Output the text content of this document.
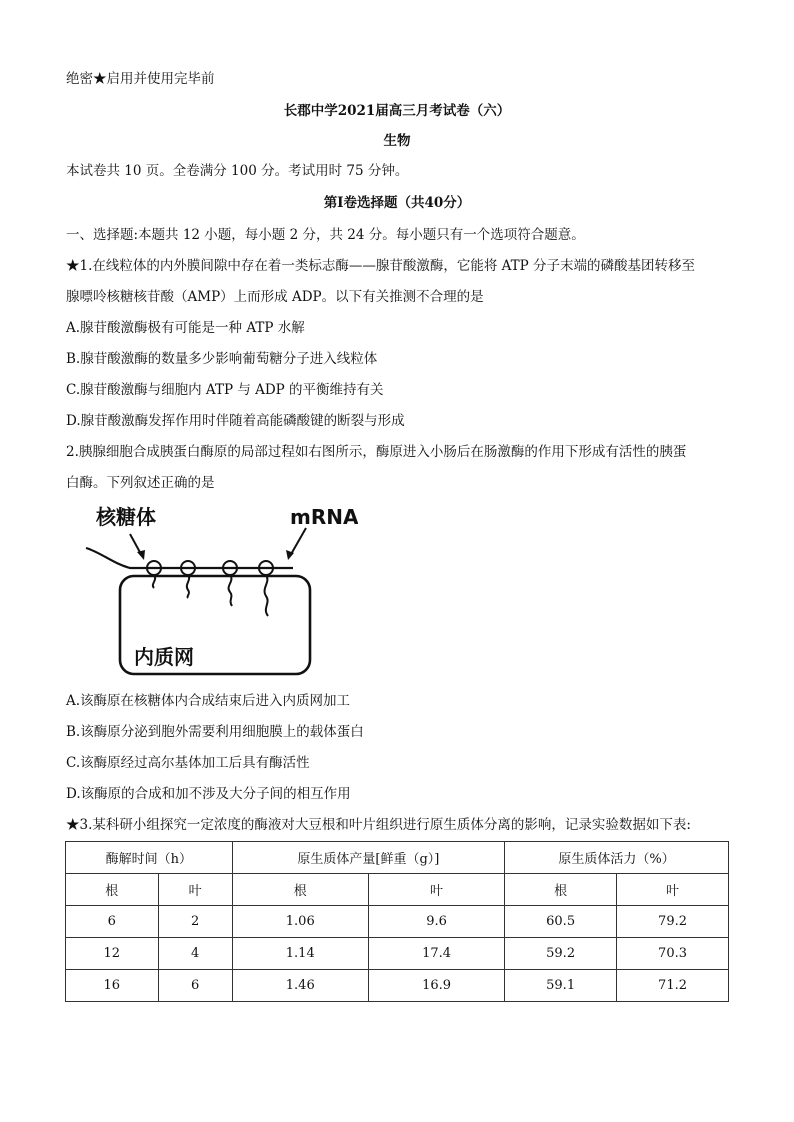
绝密★启用并使用完毕前
长郡中学2021届高三月考试卷（六）
生物
本试卷共 10 页。全卷满分 100 分。考试用时 75 分钟。
第Ⅰ卷选择题（共40分）
一、选择题:本题共 12 小题，每小题 2 分，共 24 分。每小题只有一个选项符合题意。
★1.在线粒体的内外膜间隙中存在着一类标志酶——腺苷酸激酶，它能将 ATP 分子末端的磷酸基团转移至
腺嘌呤核糖核苷酸（AMP）上而形成 ADP。以下有关推测不合理的是
A.腺苷酸激酶极有可能是一种 ATP 水解
B.腺苷酸激酶的数量多少影响葡萄糖分子进入线粒体
C.腺苷酸激酶与细胞内 ATP 与 ADP 的平衡维持有关
D.腺苷酸激酶发挥作用时伴随着高能磷酸键的断裂与形成
2.胰腺细胞合成胰蛋白酶原的局部过程如右图所示，酶原进入小肠后在肠激酶的作用下形成有活性的胰蛋
白酶。下列叙述正确的是
核糖体	mRNA
内质网
A.该酶原在核糖体内合成结束后进入内质网加工
B.该酶原分泌到胞外需要利用细胞膜上的载体蛋白
C.该酶原经过高尔基体加工后具有酶活性
D.该酶原的合成和加不涉及大分子间的相互作用
★3.某科研小组探究一定浓度的酶液对大豆根和叶片组织进行原生质体分离的影响，记录实验数据如下表:
酶解时间（h）		原生质体产量[鲜重（g）]		原生质体活力（%）	
根	叶	根	叶	根	叶
6	2	1.06	9.6	60.5	79.2
12	4	1.14	17.4	59.2	70.3
16	6	1.46	16.9	59.1	71.2
